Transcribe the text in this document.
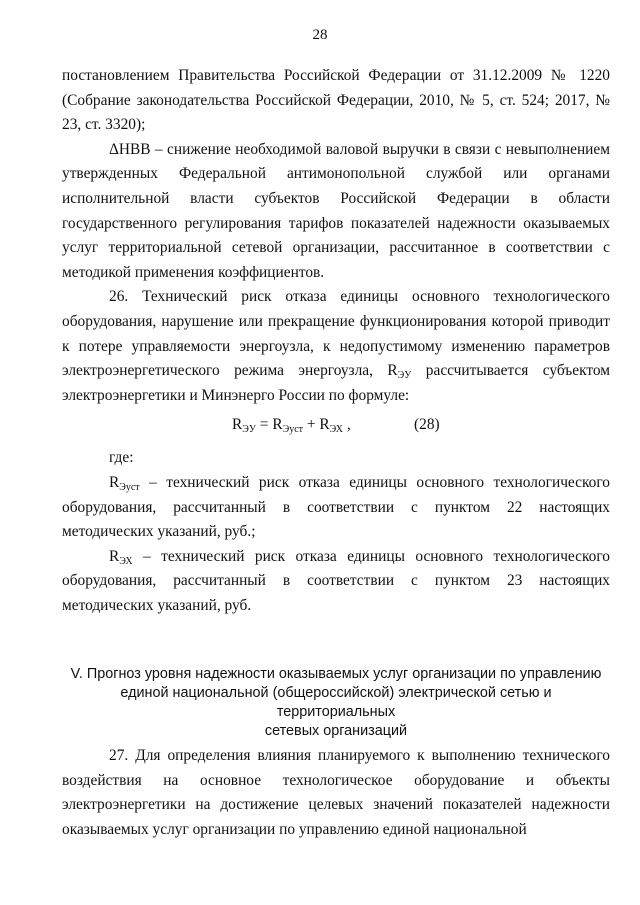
28

постановлением Правительства Российской Федерации от 31.12.2009 № 1220 (Собрание законодательства Российской Федерации, 2010, № 5, ст. 524; 2017, № 23, ст. 3320);

ΔНВВ – снижение необходимой валовой выручки в связи с невыполнением утвержденных Федеральной антимонопольной службой или органами исполнительной власти субъектов Российской Федерации в области государственного регулирования тарифов показателей надежности оказываемых услуг территориальной сетевой организации, рассчитанное в соответствии с методикой применения коэффициентов.

26. Технический риск отказа единицы основного технологического оборудования, нарушение или прекращение функционирования которой приводит к потере управляемости энергоузла, к недопустимому изменению параметров электроэнергетического режима энергоузла, $R_{ЭУ}$ рассчитывается субъектом электроэнергетики и Минэнерго России по формуле:

$R_{ЭУ} = R_{Эуст} + R_{ЭХ}$ ,	(28)

где:

$R_{Эуст}$ – технический риск отказа единицы основного технологического оборудования, рассчитанный в соответствии с пунктом 22 настоящих методических указаний, руб.;

$R_{ЭХ}$ – технический риск отказа единицы основного технологического оборудования, рассчитанный в соответствии с пунктом 23 настоящих методических указаний, руб.

V. Прогноз уровня надежности оказываемых услуг организации по управлению
единой национальной (общероссийской) электрической сетью и территориальных
сетевых организаций

27. Для определения влияния планируемого к выполнению технического воздействия на основное технологическое оборудование и объекты электроэнергетики на достижение целевых значений показателей надежности оказываемых услуг организации по управлению единой национальной
